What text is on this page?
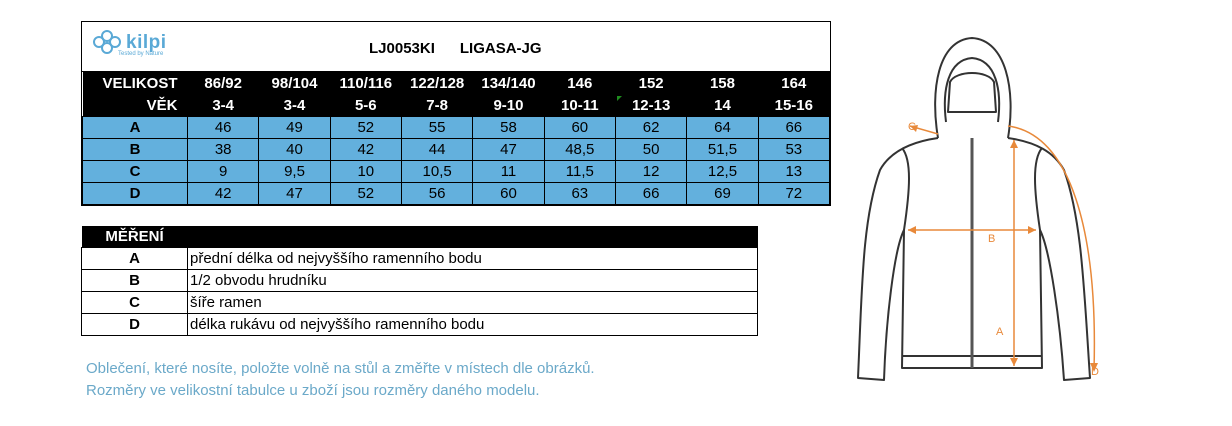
kilpi
Tested by Nature	LJ0053KI LIGASA-JG
VELIKOST	86/92	98/104	110/116	122/128	134/140	146	152	158	164
VĚK	3-4	3-4	5-6	7-8	9-10	10-11	12-13	14	15-16
A	46	49	52	55	58	60	62	64	66
B	38	40	42	44	47	48,5	50	51,5	53
C	9	9,5	10	10,5	11	11,5	12	12,5	13
D	42	47	52	56	60	63	66	69	72
MĚŘENÍ	
A	přední délka od nejvyššího ramenního bodu
B	1/2 obvodu hrudníku
C	šíře ramen
D	délka rukávu od nejvyššího ramenního bodu
Oblečení, které nosíte, položte volně na stůl a změřte v místech dle obrázků.
Rozměry ve velikostní tabulce u zboží jsou rozměry daného modelu.
B
A
C
D
